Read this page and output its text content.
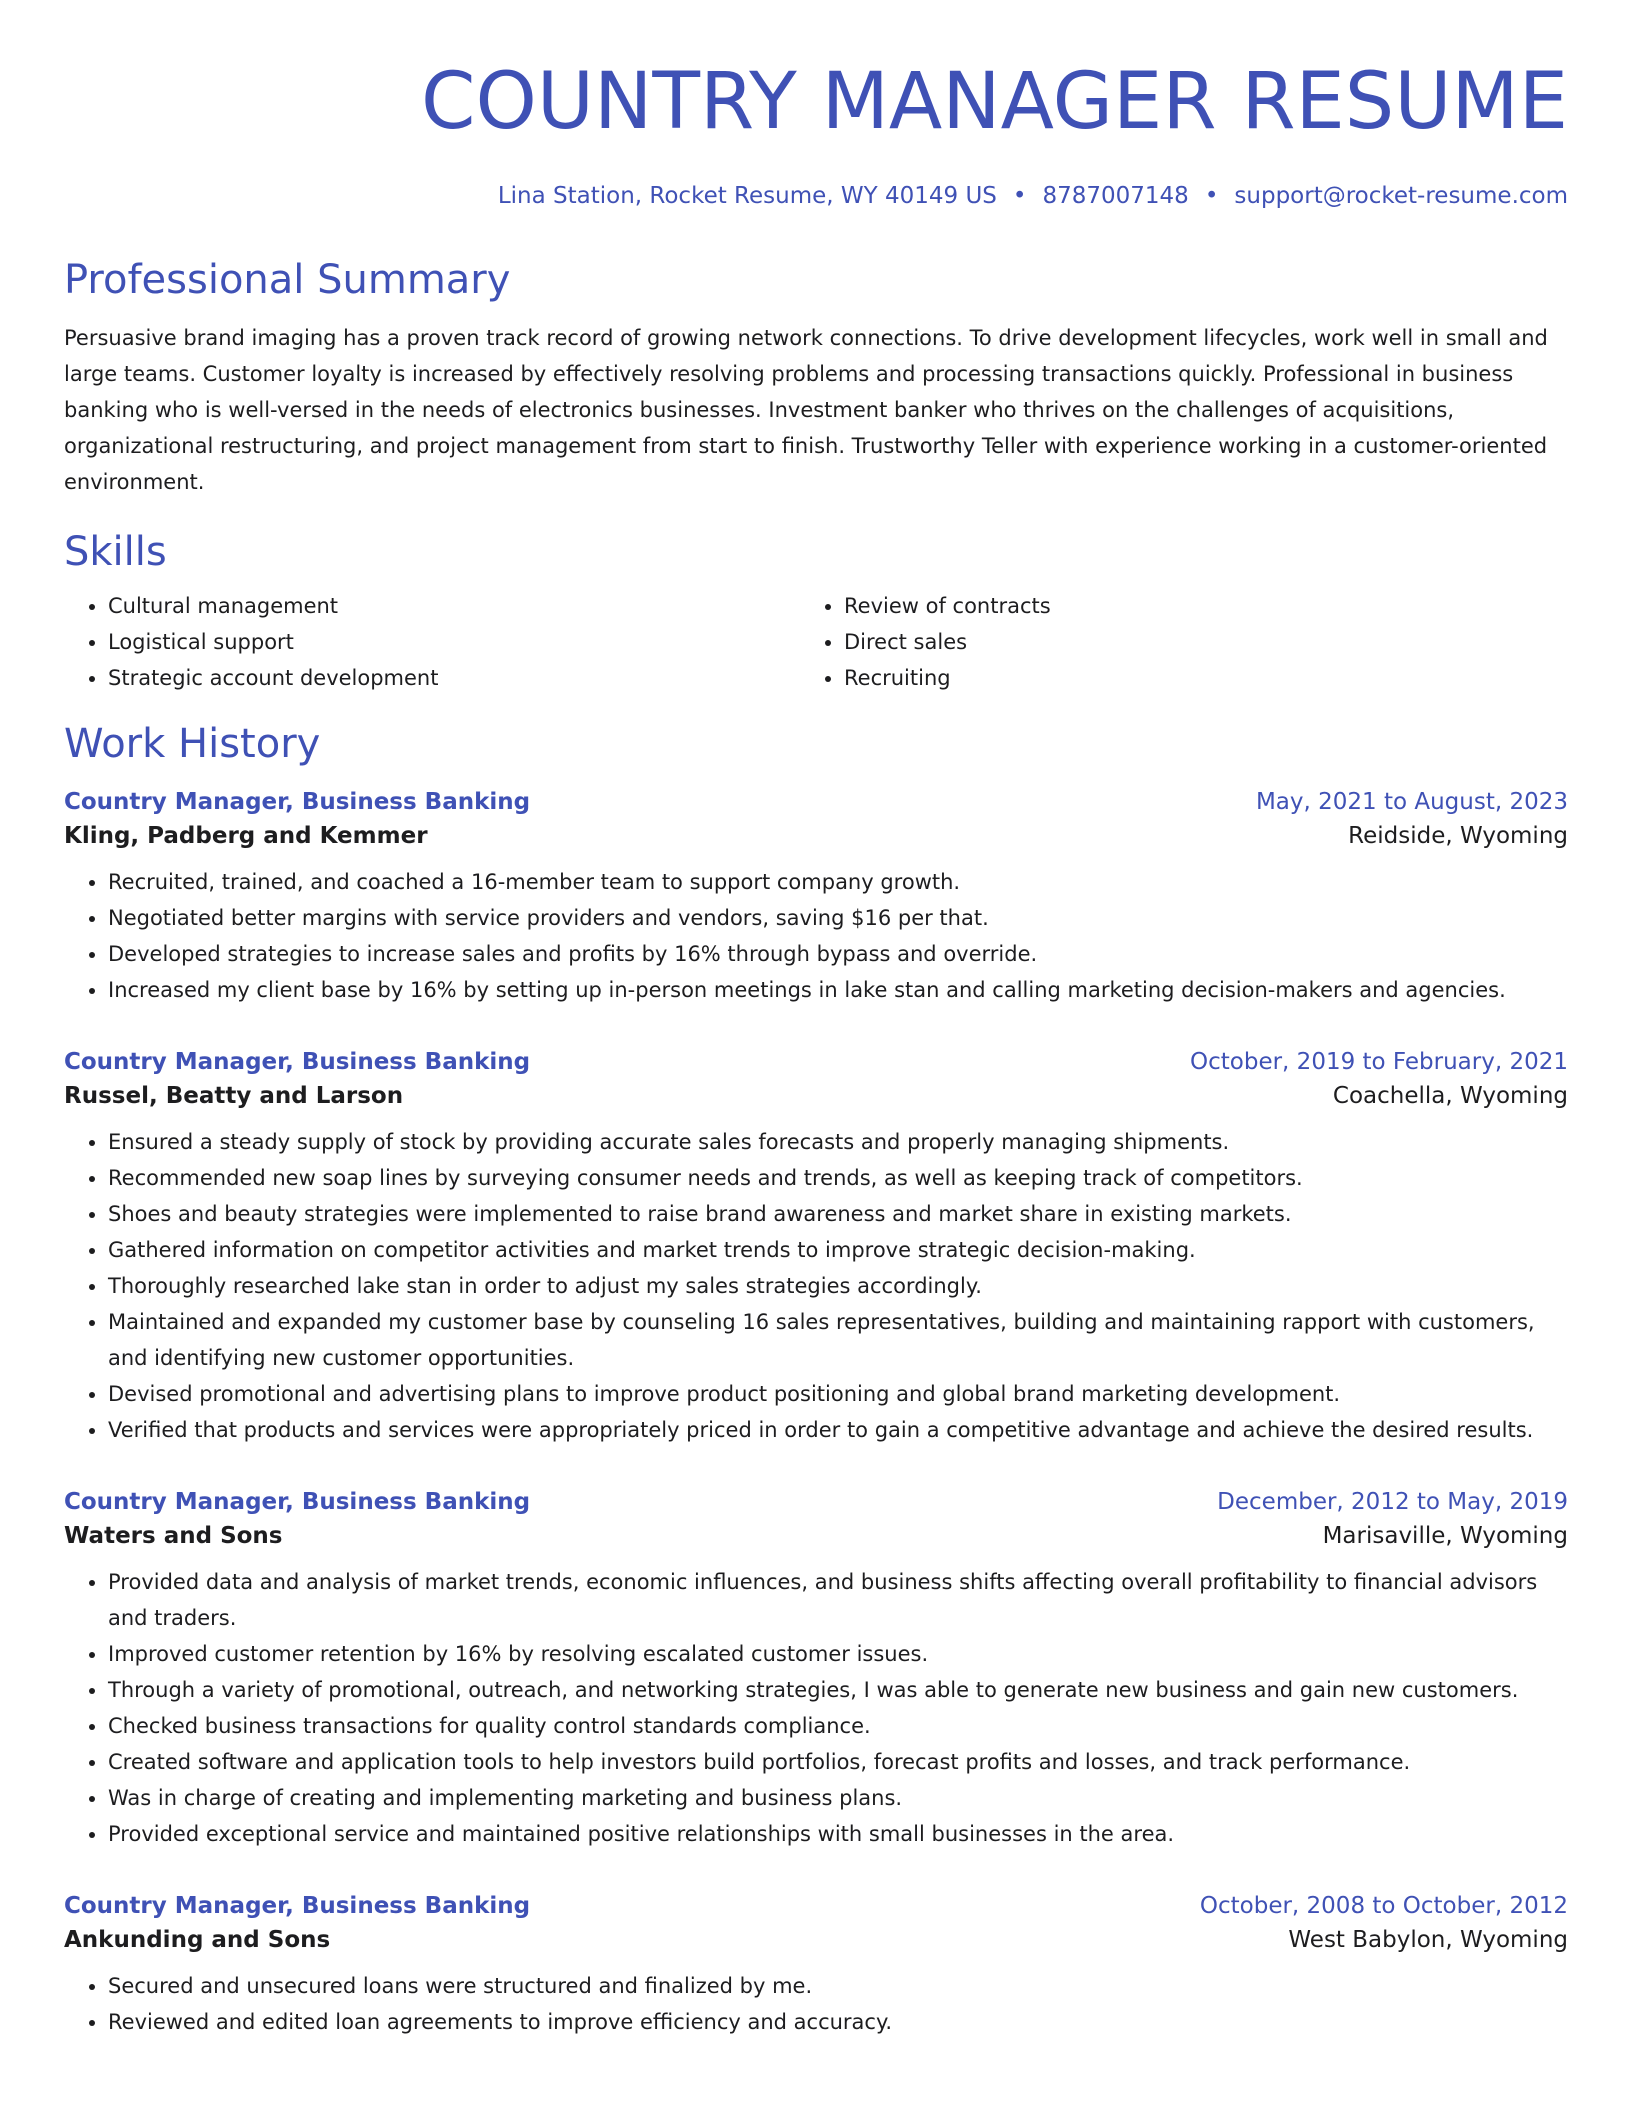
COUNTRY MANAGER RESUME
Lina Station, Rocket Resume, WY 40149 US • 8787007148 • support@rocket-resume.com
Professional Summary
Persuasive brand imaging has a proven track record of growing network connections. To drive development lifecycles, work well in small and large teams. Customer loyalty is increased by effectively resolving problems and processing transactions quickly. Professional in business banking who is well-versed in the needs of electronics businesses. Investment banker who thrives on the challenges of acquisitions, organizational restructuring, and project management from start to finish. Trustworthy Teller with experience working in a customer-oriented environment.
Skills
• Cultural management
• Logistical support
• Strategic account development
• Review of contracts
• Direct sales
• Recruiting
Work History
Country Manager, Business Banking	May, 2021 to August, 2023
Kling, Padberg and Kemmer	Reidside, Wyoming
• Recruited, trained, and coached a 16-member team to support company growth.
• Negotiated better margins with service providers and vendors, saving $16 per that.
• Developed strategies to increase sales and profits by 16% through bypass and override.
• Increased my client base by 16% by setting up in-person meetings in lake stan and calling marketing decision-makers and agencies.
Country Manager, Business Banking	October, 2019 to February, 2021
Russel, Beatty and Larson	Coachella, Wyoming
• Ensured a steady supply of stock by providing accurate sales forecasts and properly managing shipments.
• Recommended new soap lines by surveying consumer needs and trends, as well as keeping track of competitors.
• Shoes and beauty strategies were implemented to raise brand awareness and market share in existing markets.
• Gathered information on competitor activities and market trends to improve strategic decision-making.
• Thoroughly researched lake stan in order to adjust my sales strategies accordingly.
• Maintained and expanded my customer base by counseling 16 sales representatives, building and maintaining rapport with customers, and identifying new customer opportunities.
• Devised promotional and advertising plans to improve product positioning and global brand marketing development.
• Verified that products and services were appropriately priced in order to gain a competitive advantage and achieve the desired results.
Country Manager, Business Banking	December, 2012 to May, 2019
Waters and Sons	Marisaville, Wyoming
• Provided data and analysis of market trends, economic influences, and business shifts affecting overall profitability to financial advisors and traders.
• Improved customer retention by 16% by resolving escalated customer issues.
• Through a variety of promotional, outreach, and networking strategies, I was able to generate new business and gain new customers.
• Checked business transactions for quality control standards compliance.
• Created software and application tools to help investors build portfolios, forecast profits and losses, and track performance.
• Was in charge of creating and implementing marketing and business plans.
• Provided exceptional service and maintained positive relationships with small businesses in the area.
Country Manager, Business Banking	October, 2008 to October, 2012
Ankunding and Sons	West Babylon, Wyoming
• Secured and unsecured loans were structured and finalized by me.
• Reviewed and edited loan agreements to improve efficiency and accuracy.
